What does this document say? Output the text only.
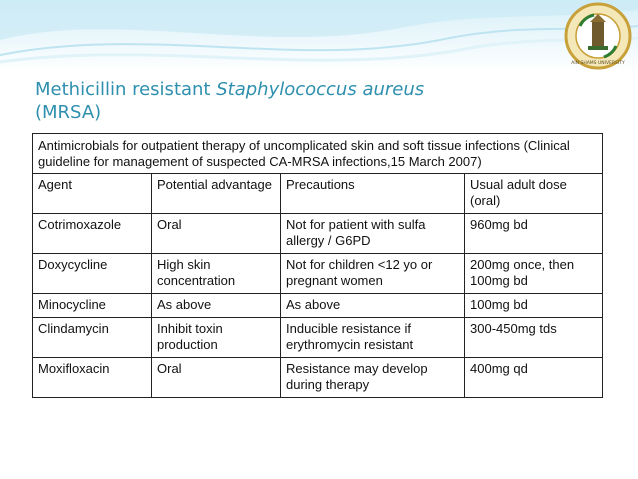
AIN SHAMS UNIVERSITY
Methicillin resistant Staphylococcus aureus
(MRSA)
Antimicrobials for outpatient therapy of uncomplicated skin and soft tissue infections (Clinical guideline for management of suspected CA-MRSA infections,15 March 2007)			
Agent	Potential advantage	Precautions	Usual adult dose (oral)
Cotrimoxazole	Oral	Not for patient with sulfa allergy / G6PD	960mg bd
Doxycycline	High skin concentration	Not for children <12 yo or pregnant women	200mg once, then 100mg bd
Minocycline	As above	As above	100mg bd
Clindamycin	Inhibit toxin production	Inducible resistance if erythromycin resistant	300-450mg tds
Moxifloxacin	Oral	Resistance may develop during therapy	400mg qd
